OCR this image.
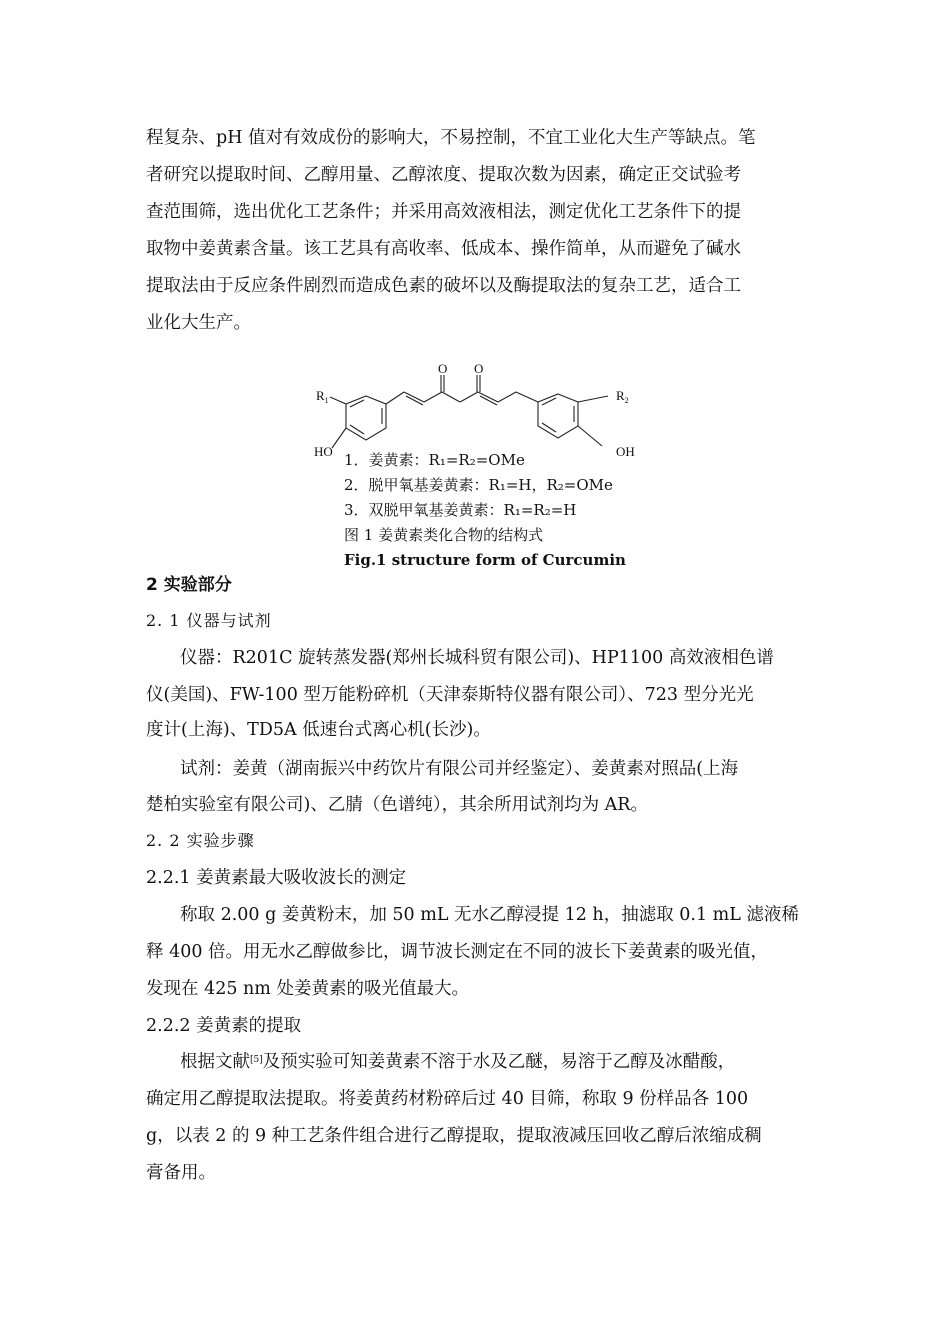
程复杂、pH 值对有效成份的影响大，不易控制，不宜工业化大生产等缺点。笔
者研究以提取时间、乙醇用量、乙醇浓度、提取次数为因素，确定正交试验考
查范围筛，选出优化工艺条件；并采用高效液相法，测定优化工艺条件下的提
取物中姜黄素含量。该工艺具有高收率、低成本、操作简单，从而避免了碱水
提取法由于反应条件剧烈而造成色素的破坏以及酶提取法的复杂工艺，适合工
业化大生产。
$R_1$	$R_2$
HO	OH
O O
1．姜黄素：R₁=R₂=OMe
2．脱甲氧基姜黄素：R₁=H，R₂=OMe
3．双脱甲氧基姜黄素：R₁=R₂=H
图 1 姜黄素类化合物的结构式
Fig.1 structure form of Curcumin
2 实验部分
2. 1 仪器与试剂
仪器：R201C 旋转蒸发器(郑州长城科贸有限公司)、HP1100 高效液相色谱
仪(美国)、FW-100 型万能粉碎机（天津泰斯特仪器有限公司）、723 型分光光
度计(上海)、TD5A 低速台式离心机(长沙)。
试剂：姜黄（湖南振兴中药饮片有限公司并经鉴定）、姜黄素对照品(上海
楚柏实验室有限公司)、乙腈（色谱纯），其余所用试剂均为 AR。
2. 2 实验步骤
2.2.1 姜黄素最大吸收波长的测定
称取 2.00 g 姜黄粉末，加 50 mL 无水乙醇浸提 12 h，抽滤取 0.1 mL 滤液稀
释 400 倍。用无水乙醇做参比，调节波长测定在不同的波长下姜黄素的吸光值，
发现在 425 nm 处姜黄素的吸光值最大。
2.2.2 姜黄素的提取
根据文献[5]及预实验可知姜黄素不溶于水及乙醚，易溶于乙醇及冰醋酸，
确定用乙醇提取法提取。将姜黄药材粉碎后过 40 目筛，称取 9 份样品各 100
g，以表 2 的 9 种工艺条件组合进行乙醇提取，提取液减压回收乙醇后浓缩成稠
膏备用。
